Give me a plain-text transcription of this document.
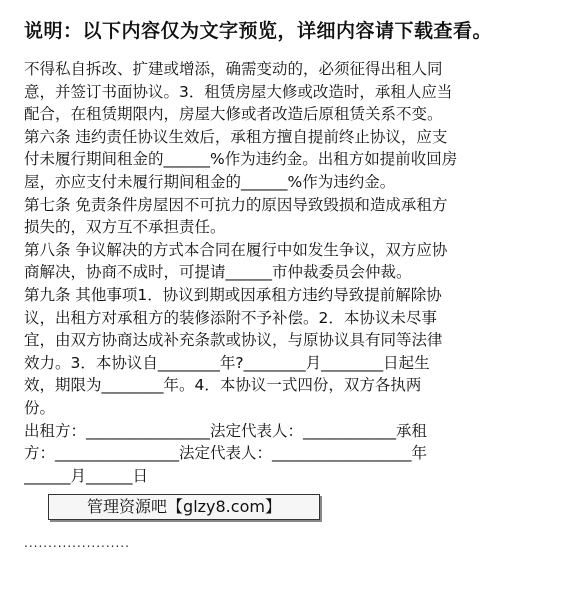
说明：以下内容仅为文字预览，详细内容请下载查看。
不得私自拆改、扩建或增添，确需变动的，必须征得出租人同
意，并签订书面协议。3．租赁房屋大修或改造时，承租人应当
配合，在租赁期限内，房屋大修或者改造后原租赁关系不变。
第六条 违约责任协议生效后，承租方擅自提前终止协议，应支
付未履行期间租金的______%作为违约金。出租方如提前收回房
屋，亦应支付未履行期间租金的______%作为违约金。
第七条 免责条件房屋因不可抗力的原因导致毁损和造成承租方
损失的，双方互不承担责任。
第八条 争议解决的方式本合同在履行中如发生争议，双方应协
商解决，协商不成时，可提请______市仲裁委员会仲裁。
第九条 其他事项1．协议到期或因承租方违约导致提前解除协
议，出租方对承租方的装修添附不予补偿。2．本协议未尽事
宜，由双方协商达成补充条款或协议，与原协议具有同等法律
效力。3．本协议自________年?________月________日起生
效，期限为________年。4．本协议一式四份，双方各执两
份。
出租方：________________法定代表人：____________承租
方：________________法定代表人：__________________年
______月______日
管理资源吧【glzy8.com】
......................
